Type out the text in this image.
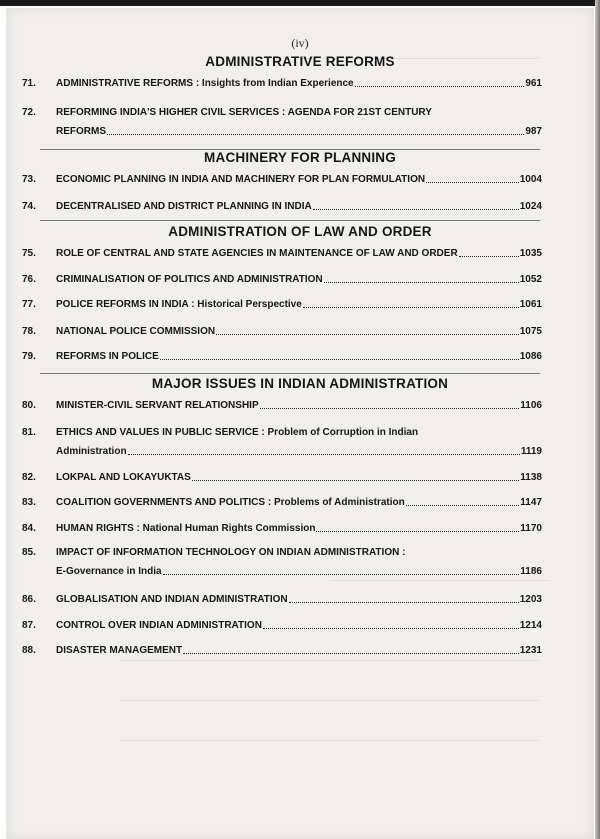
(iv)
ADMINISTRATIVE REFORMS
71. ADMINISTRATIVE REFORMS : Insights from Indian Experience	961
72. REFORMING INDIA'S HIGHER CIVIL SERVICES : AGENDA FOR 21ST CENTURY
REFORMS	987
MACHINERY FOR PLANNING
73. ECONOMIC PLANNING IN INDIA AND MACHINERY FOR PLAN FORMULATION	1004
74. DECENTRALISED AND DISTRICT PLANNING IN INDIA	1024
ADMINISTRATION OF LAW AND ORDER
75. ROLE OF CENTRAL AND STATE AGENCIES IN MAINTENANCE OF LAW AND ORDER	1035
76. CRIMINALISATION OF POLITICS AND ADMINISTRATION	1052
77. POLICE REFORMS IN INDIA : Historical Perspective	1061
78. NATIONAL POLICE COMMISSION	1075
79. REFORMS IN POLICE	1086
MAJOR ISSUES IN INDIAN ADMINISTRATION
80. MINISTER-CIVIL SERVANT RELATIONSHIP	1106
81. ETHICS AND VALUES IN PUBLIC SERVICE : Problem of Corruption in Indian
Administration	1119
82. LOKPAL AND LOKAYUKTAS	1138
83. COALITION GOVERNMENTS AND POLITICS : Problems of Administration	1147
84. HUMAN RIGHTS : National Human Rights Commission	1170
85. IMPACT OF INFORMATION TECHNOLOGY ON INDIAN ADMINISTRATION :
E-Governance in India	1186
86. GLOBALISATION AND INDIAN ADMINISTRATION	1203
87. CONTROL OVER INDIAN ADMINISTRATION	1214
88. DISASTER MANAGEMENT	1231
